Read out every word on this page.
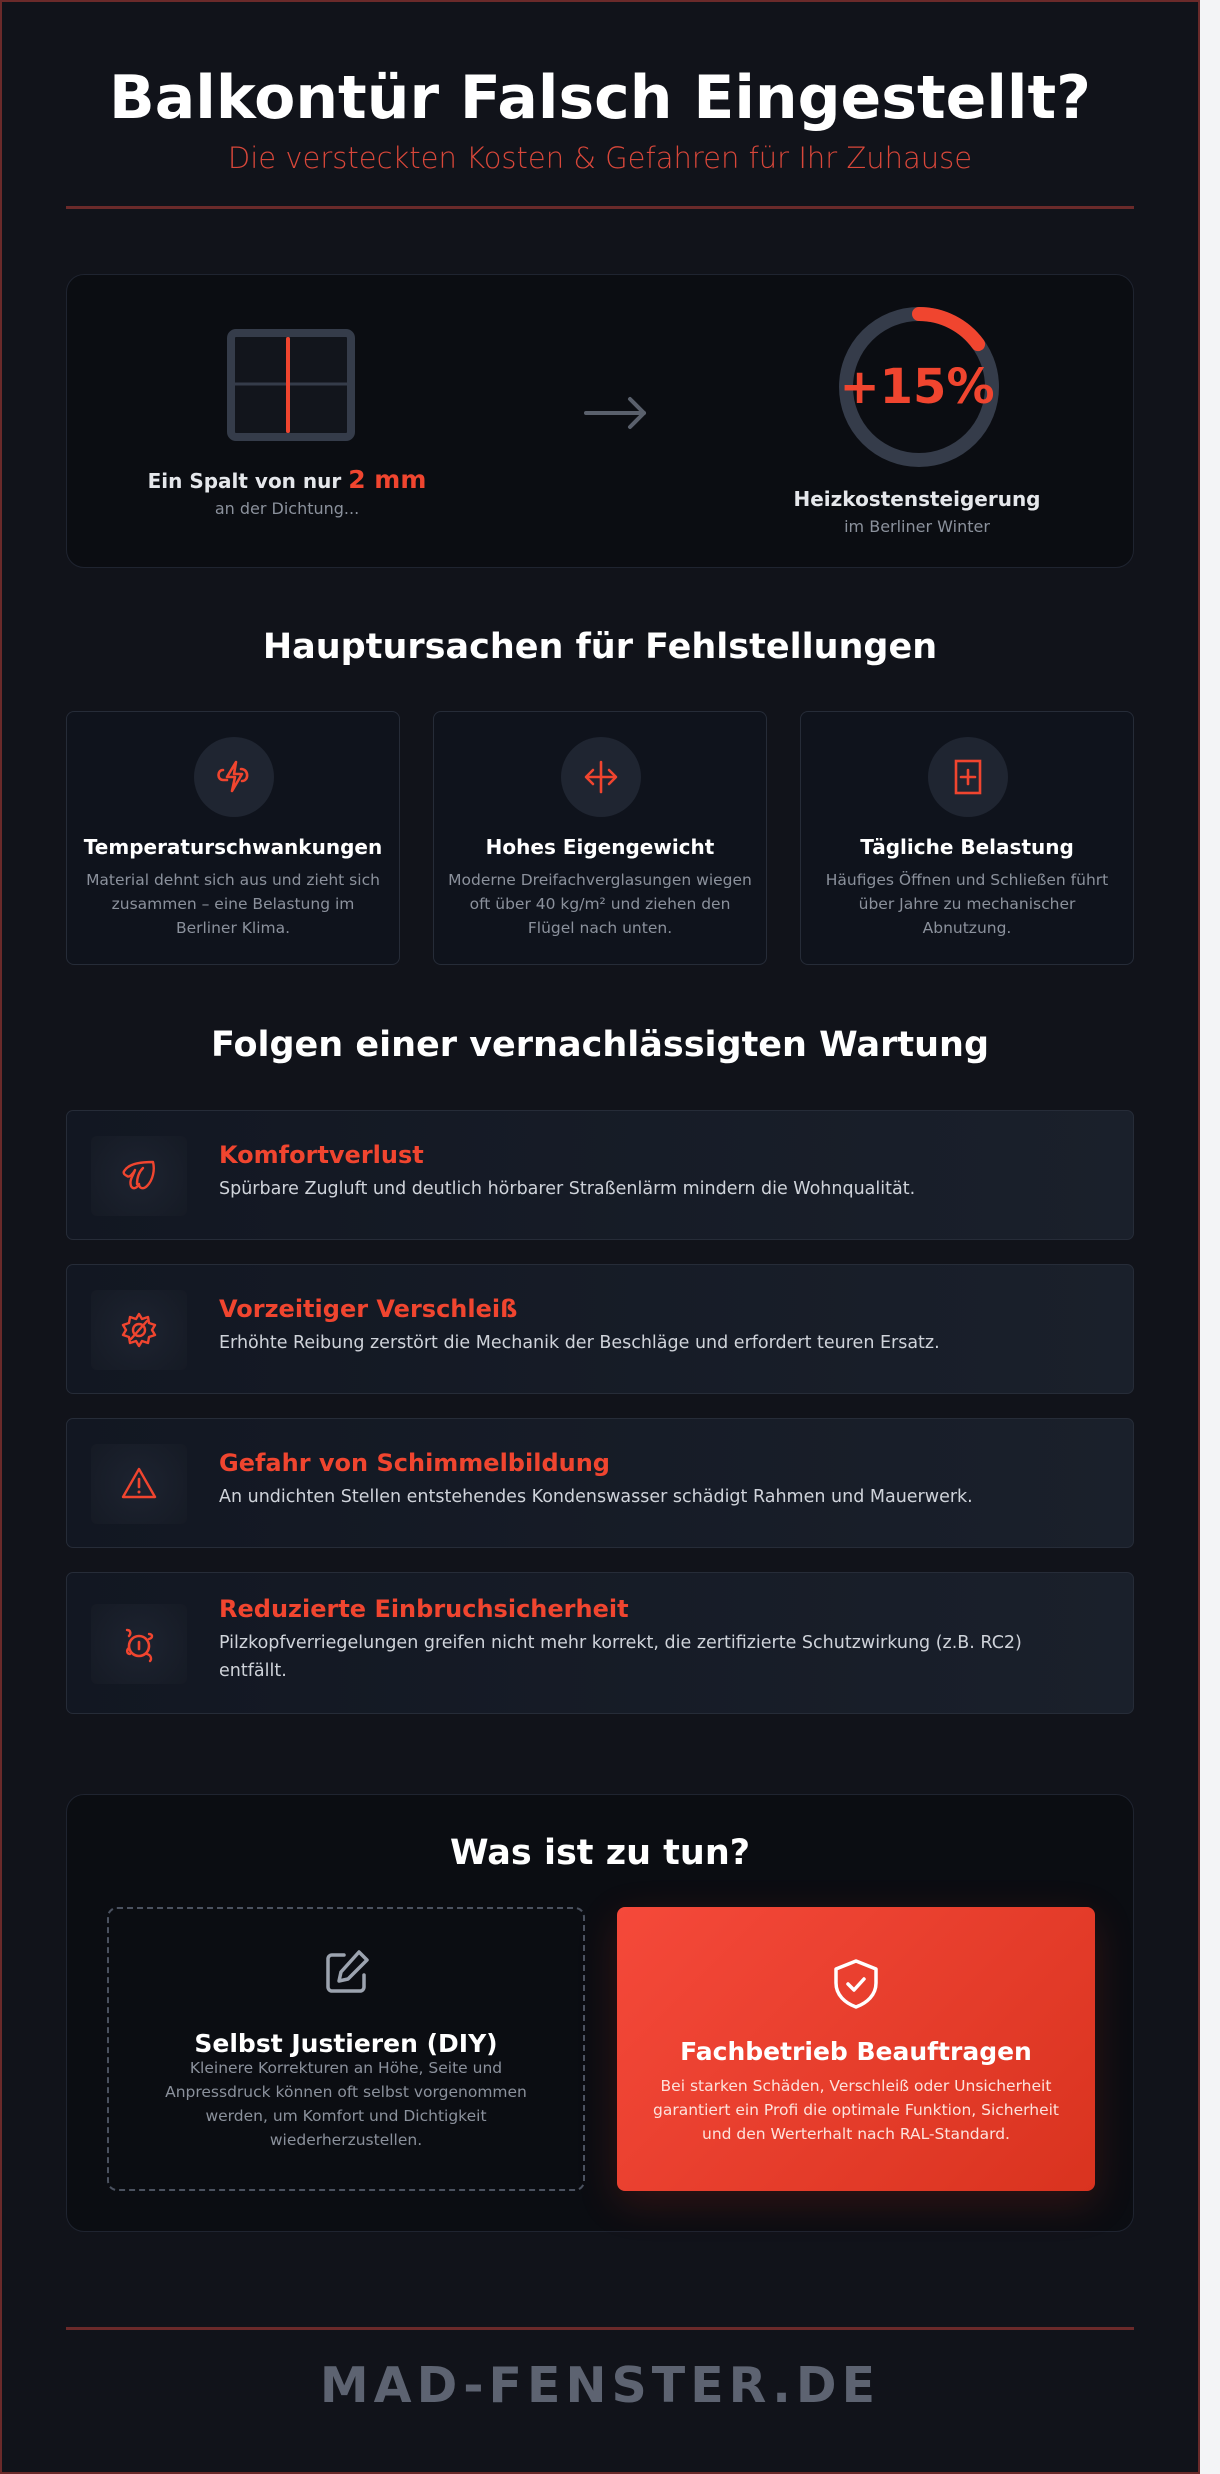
Balkontür Falsch Eingestellt?
Die versteckten Kosten & Gefahren für Ihr Zuhause
Ein Spalt von nur 2 mm
an der Dichtung...
+15%
Heizkostensteigerung
im Berliner Winter
Hauptursachen für Fehlstellungen
Temperaturschwankungen
Material dehnt sich aus und zieht sich zusammen – eine Belastung im Berliner Klima.
Hohes Eigengewicht
Moderne Dreifachverglasungen wiegen oft über 40 kg/m² und ziehen den Flügel nach unten.
Tägliche Belastung
Häufiges Öffnen und Schließen führt über Jahre zu mechanischer Abnutzung.
Folgen einer vernachlässigten Wartung
Komfortverlust
Spürbare Zugluft und deutlich hörbarer Straßenlärm mindern die Wohnqualität.
Vorzeitiger Verschleiß
Erhöhte Reibung zerstört die Mechanik der Beschläge und erfordert teuren Ersatz.
Gefahr von Schimmelbildung
An undichten Stellen entstehendes Kondenswasser schädigt Rahmen und Mauerwerk.
Reduzierte Einbruchsicherheit
Pilzkopfverriegelungen greifen nicht mehr korrekt, die zertifizierte Schutzwirkung (z.B. RC2) entfällt.
Was ist zu tun?
Selbst Justieren (DIY)
Kleinere Korrekturen an Höhe, Seite und Anpressdruck können oft selbst vorgenommen werden, um Komfort und Dichtigkeit wiederherzustellen.
Fachbetrieb Beauftragen
Bei starken Schäden, Verschleiß oder Unsicherheit garantiert ein Profi die optimale Funktion, Sicherheit und den Werterhalt nach RAL-Standard.
MAD-FENSTER.DE
